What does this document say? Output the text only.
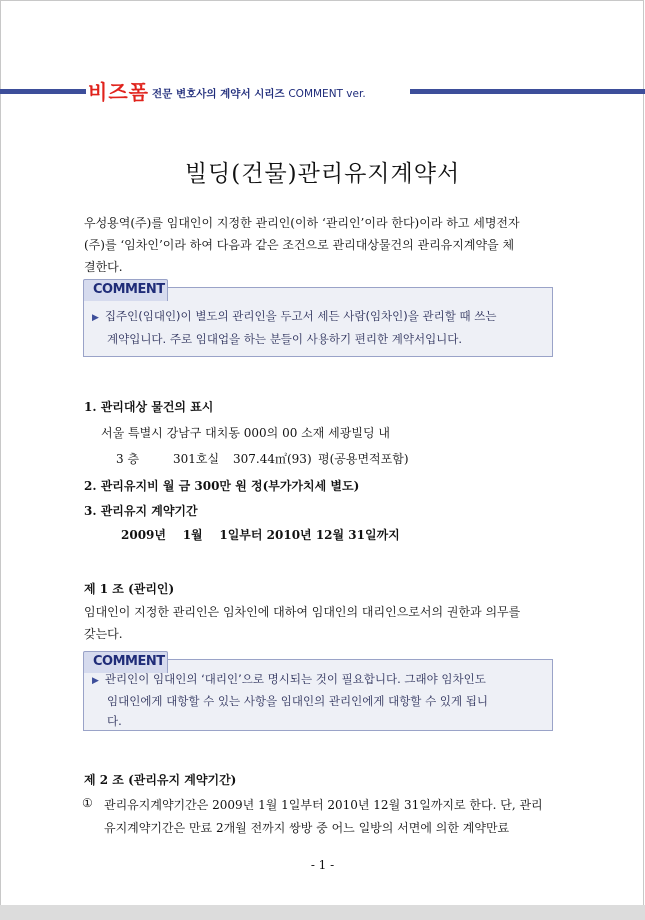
비즈폼 전문 변호사의 계약서 시리즈 COMMENT ver.
빌딩(건물)관리유지계약서
우성용역(주)를 임대인이 지정한 관리인(이하 ‘관리인’이라 한다)이라 하고 세명전자
(주)를 ‘임차인’이라 하여 다음과 같은 조건으로 관리대상물건의 관리유지계약을 체
결한다.
COMMENT
▶ 집주인(임대인)이 별도의 관리인을 두고서 세든 사람(임차인)을 관리할 때 쓰는
계약입니다. 주로 임대업을 하는 분들이 사용하기 편리한 계약서입니다.
1. 관리대상 물건의 표시
서울 특별시 강남구 대치동 000의 00 소재 세광빌딩 내
3 층	301호실 307.44㎡(93) 평(공용면적포함)
2. 관리유지비 월 금 300만 원 정(부가가치세 별도)
3. 관리유지 계약기간
2009년    1월    1일부터 2010년 12월 31일까지
제 1 조 (관리인)
임대인이 지정한 관리인은 임차인에 대하여 임대인의 대리인으로서의 권한과 의무를
갖는다.
COMMENT
▶ 관리인이 임대인의 ‘대리인’으로 명시되는 것이 필요합니다. 그래야 임차인도
임대인에게 대항할 수 있는 사항을 임대인의 관리인에게 대항할 수 있게 됩니
다.
제 2 조 (관리유지 계약기간)
① 관리유지계약기간은 2009년 1월 1일부터 2010년 12월 31일까지로 한다. 단, 관리
유지계약기간은 만료 2개월 전까지 쌍방 중 어느 일방의 서면에 의한 계약만료
- 1 -
